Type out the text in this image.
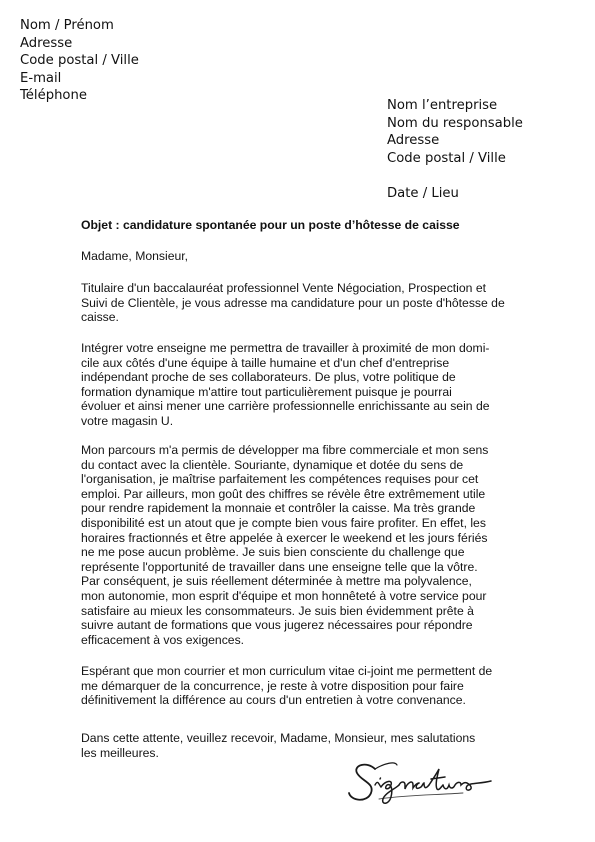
Nom / Prénom
Adresse
Code postal / Ville
E-mail
Téléphone
Nom l’entreprise
Nom du responsable
Adresse
Code postal / Ville
Date / Lieu
Objet : candidature spontanée pour un poste d’hôtesse de caisse
Madame, Monsieur,
Titulaire d'un baccalauréat professionnel Vente Négociation, Prospection et
Suivi de Clientèle, je vous adresse ma candidature pour un poste d'hôtesse de
caisse.
Intégrer votre enseigne me permettra de travailler à proximité de mon domi-
cile aux côtés d'une équipe à taille humaine et d'un chef d'entreprise
indépendant proche de ses collaborateurs. De plus, votre politique de
formation dynamique m'attire tout particulièrement puisque je pourrai
évoluer et ainsi mener une carrière professionnelle enrichissante au sein de
votre magasin U.
Mon parcours m'a permis de développer ma fibre commerciale et mon sens
du contact avec la clientèle. Souriante, dynamique et dotée du sens de
l'organisation, je maîtrise parfaitement les compétences requises pour cet
emploi. Par ailleurs, mon goût des chiffres se révèle être extrêmement utile
pour rendre rapidement la monnaie et contrôler la caisse. Ma très grande
disponibilité est un atout que je compte bien vous faire profiter. En effet, les
horaires fractionnés et être appelée à exercer le weekend et les jours fériés
ne me pose aucun problème. Je suis bien consciente du challenge que
représente l'opportunité de travailler dans une enseigne telle que la vôtre.
Par conséquent, je suis réellement déterminée à mettre ma polyvalence,
mon autonomie, mon esprit d'équipe et mon honnêteté à votre service pour
satisfaire au mieux les consommateurs. Je suis bien évidemment prête à
suivre autant de formations que vous jugerez nécessaires pour répondre
efficacement à vos exigences.
Espérant que mon courrier et mon curriculum vitae ci-joint me permettent de
me démarquer de la concurrence, je reste à votre disposition pour faire
définitivement la différence au cours d'un entretien à votre convenance.
Dans cette attente, veuillez recevoir, Madame, Monsieur, mes salutations
les meilleures.
